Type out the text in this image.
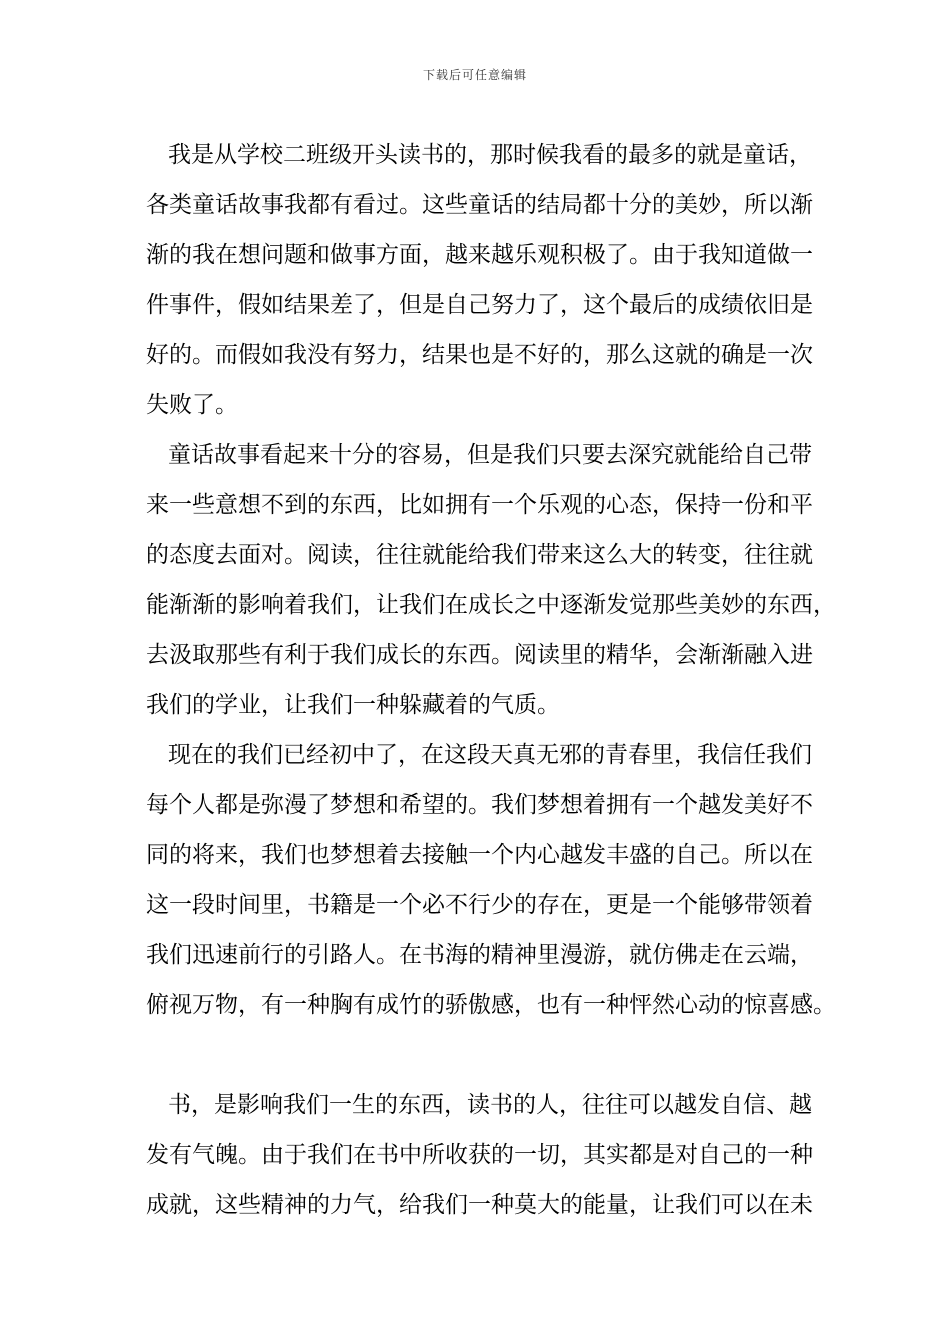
下载后可任意编辑
我是从学校二班级开头读书的，那时候我看的最多的就是童话，
各类童话故事我都有看过。这些童话的结局都十分的美妙，所以渐
渐的我在想问题和做事方面，越来越乐观积极了。由于我知道做一
件事件，假如结果差了，但是自己努力了，这个最后的成绩依旧是
好的。而假如我没有努力，结果也是不好的，那么这就的确是一次
失败了。
童话故事看起来十分的容易，但是我们只要去深究就能给自己带
来一些意想不到的东西，比如拥有一个乐观的心态，保持一份和平
的态度去面对。阅读，往往就能给我们带来这么大的转变，往往就
能渐渐的影响着我们，让我们在成长之中逐渐发觉那些美妙的东西，
去汲取那些有利于我们成长的东西。阅读里的精华，会渐渐融入进
我们的学业，让我们一种躲藏着的气质。
现在的我们已经初中了，在这段天真无邪的青春里，我信任我们
每个人都是弥漫了梦想和希望的。我们梦想着拥有一个越发美好不
同的将来，我们也梦想着去接触一个内心越发丰盛的自己。所以在
这一段时间里，书籍是一个必不行少的存在，更是一个能够带领着
我们迅速前行的引路人。在书海的精神里漫游，就仿佛走在云端，
俯视万物，有一种胸有成竹的骄傲感，也有一种怦然心动的惊喜感。
书，是影响我们一生的东西，读书的人，往往可以越发自信、越
发有气魄。由于我们在书中所收获的一切，其实都是对自己的一种
成就，这些精神的力气，给我们一种莫大的能量，让我们可以在未
